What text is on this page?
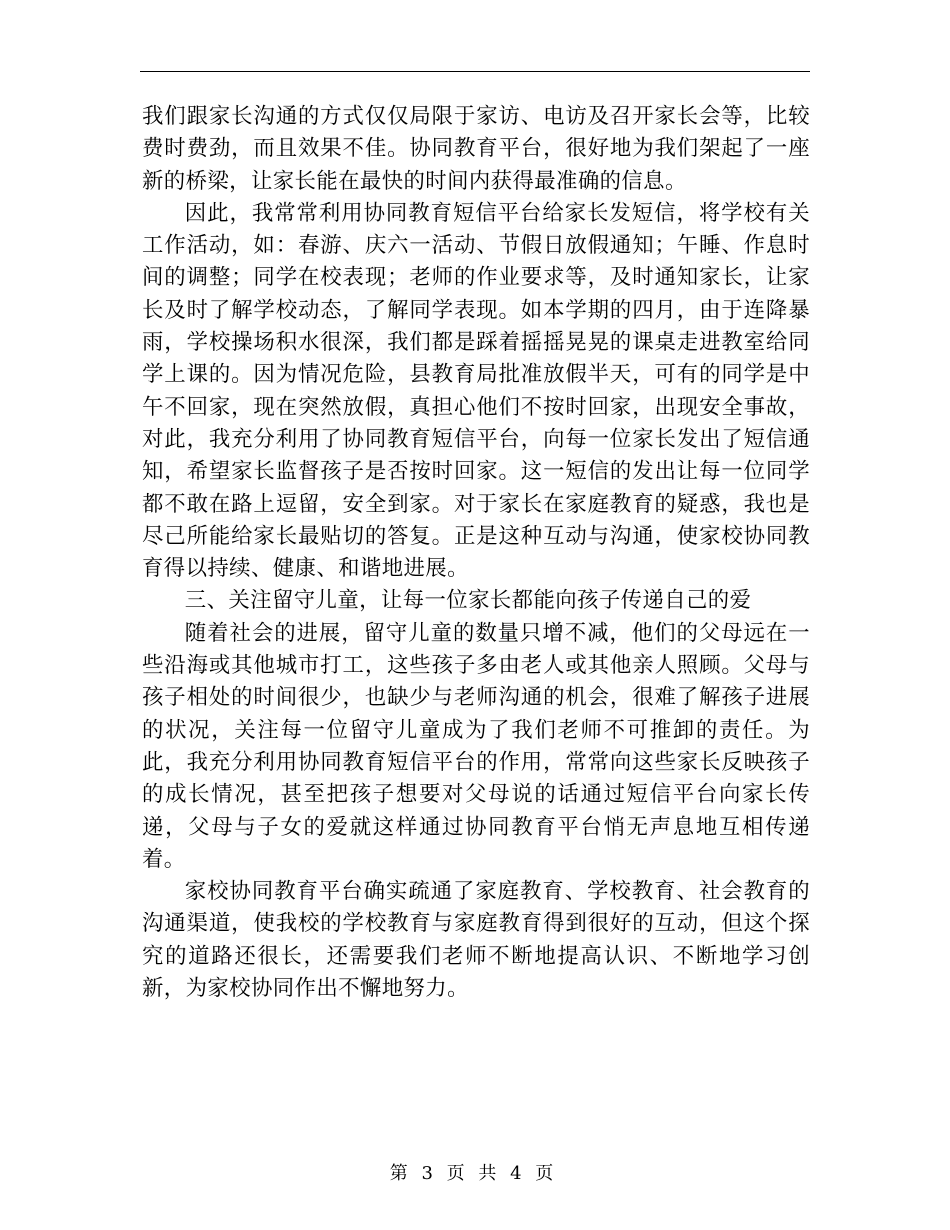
我们跟家长沟通的方式仅仅局限于家访、电访及召开家长会等，比较费时费劲，而且效果不佳。协同教育平台，很好地为我们架起了一座新的桥梁，让家长能在最快的时间内获得最准确的信息。

因此，我常常利用协同教育短信平台给家长发短信，将学校有关工作活动，如：春游、庆六一活动、节假日放假通知；午睡、作息时间的调整；同学在校表现；老师的作业要求等，及时通知家长，让家长及时了解学校动态，了解同学表现。如本学期的四月，由于连降暴雨，学校操场积水很深，我们都是踩着摇摇晃晃的课桌走进教室给同学上课的。因为情况危险，县教育局批准放假半天，可有的同学是中午不回家，现在突然放假，真担心他们不按时回家，出现安全事故，对此，我充分利用了协同教育短信平台，向每一位家长发出了短信通知，希望家长监督孩子是否按时回家。这一短信的发出让每一位同学都不敢在路上逗留，安全到家。对于家长在家庭教育的疑惑，我也是尽己所能给家长最贴切的答复。正是这种互动与沟通，使家校协同教育得以持续、健康、和谐地进展。

三、关注留守儿童，让每一位家长都能向孩子传递自己的爱

随着社会的进展，留守儿童的数量只增不减，他们的父母远在一些沿海或其他城市打工，这些孩子多由老人或其他亲人照顾。父母与孩子相处的时间很少，也缺少与老师沟通的机会，很难了解孩子进展的状况，关注每一位留守儿童成为了我们老师不可推卸的责任。为此，我充分利用协同教育短信平台的作用，常常向这些家长反映孩子的成长情况，甚至把孩子想要对父母说的话通过短信平台向家长传递，父母与子女的爱就这样通过协同教育平台悄无声息地互相传递着。

家校协同教育平台确实疏通了家庭教育、学校教育、社会教育的沟通渠道，使我校的学校教育与家庭教育得到很好的互动，但这个探究的道路还很长，还需要我们老师不断地提高认识、不断地学习创新，为家校协同作出不懈地努力。

第 3 页 共 4 页
